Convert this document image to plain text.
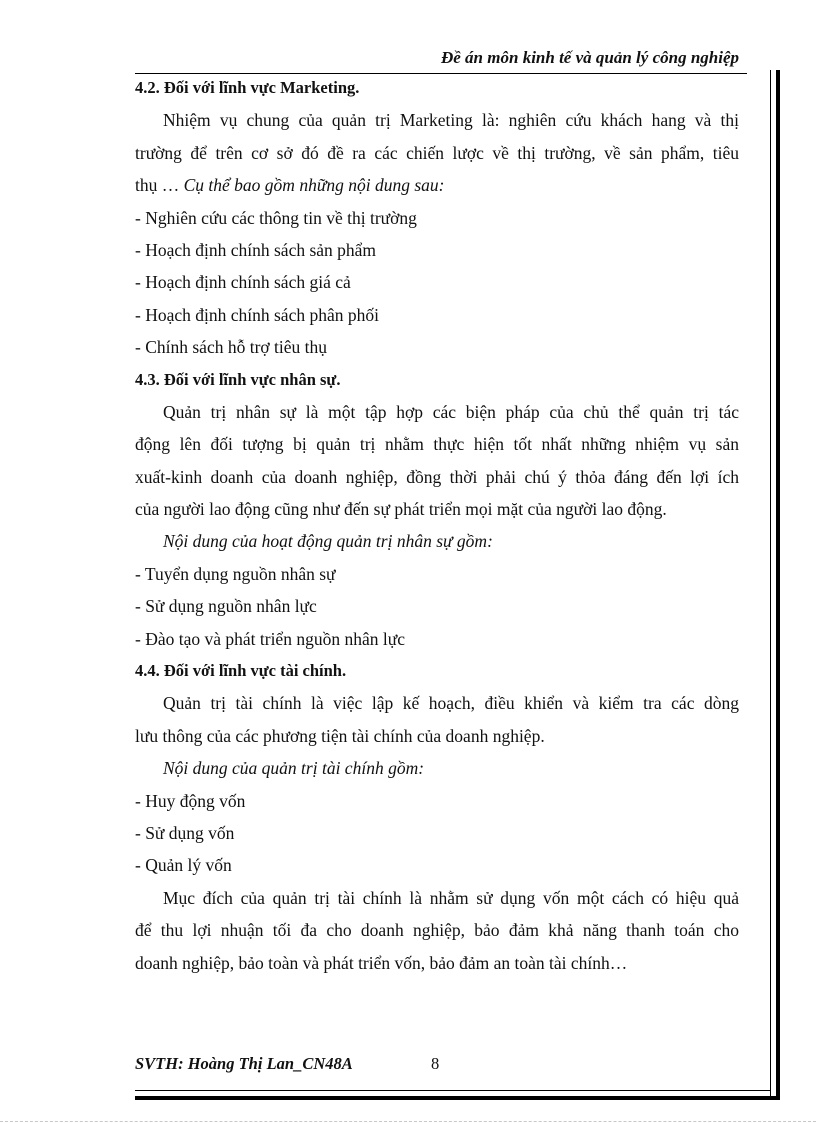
Đề án môn kinh tế và quản lý công nghiệp
4.2. Đối với lĩnh vực Marketing.
Nhiệm vụ chung của quản trị Marketing là: nghiên cứu khách hang và thị
trường để trên cơ sở đó đề ra các chiến lược về thị trường, về sản phẩm, tiêu
thụ … Cụ thể bao gồm những nội dung sau:
- Nghiên cứu các thông tin về thị trường
- Hoạch định chính sách sản phẩm
- Hoạch định chính sách giá cả
- Hoạch định chính sách phân phối
- Chính sách hỗ trợ tiêu thụ
4.3. Đối với lĩnh vực nhân sự.
Quản trị nhân sự là một tập hợp các biện pháp của chủ thể quản trị tác
động lên đối tượng bị quản trị nhằm thực hiện tốt nhất những nhiệm vụ sản
xuất-kinh doanh của doanh nghiệp, đồng thời phải chú ý thỏa đáng đến lợi ích
của người lao động cũng như đến sự phát triển mọi mặt của người lao động.
Nội dung của hoạt động quản trị nhân sự gồm:
- Tuyển dụng nguồn nhân sự
- Sử dụng nguồn nhân lực
- Đào tạo và phát triển nguồn nhân lực
4.4. Đối với lĩnh vực tài chính.
Quản trị tài chính là việc lập kế hoạch, điều khiển và kiểm tra các dòng
lưu thông của các phương tiện tài chính của doanh nghiệp.
Nội dung của quản trị tài chính gồm:
- Huy động vốn
- Sử dụng vốn
- Quản lý vốn
Mục đích của quản trị tài chính là nhằm sử dụng vốn một cách có hiệu quả
để thu lợi nhuận tối đa cho doanh nghiệp, bảo đảm khả năng thanh toán cho
doanh nghiệp, bảo toàn và phát triển vốn, bảo đảm an toàn tài chính…
SVTH: Hoàng Thị Lan_CN48A	8
